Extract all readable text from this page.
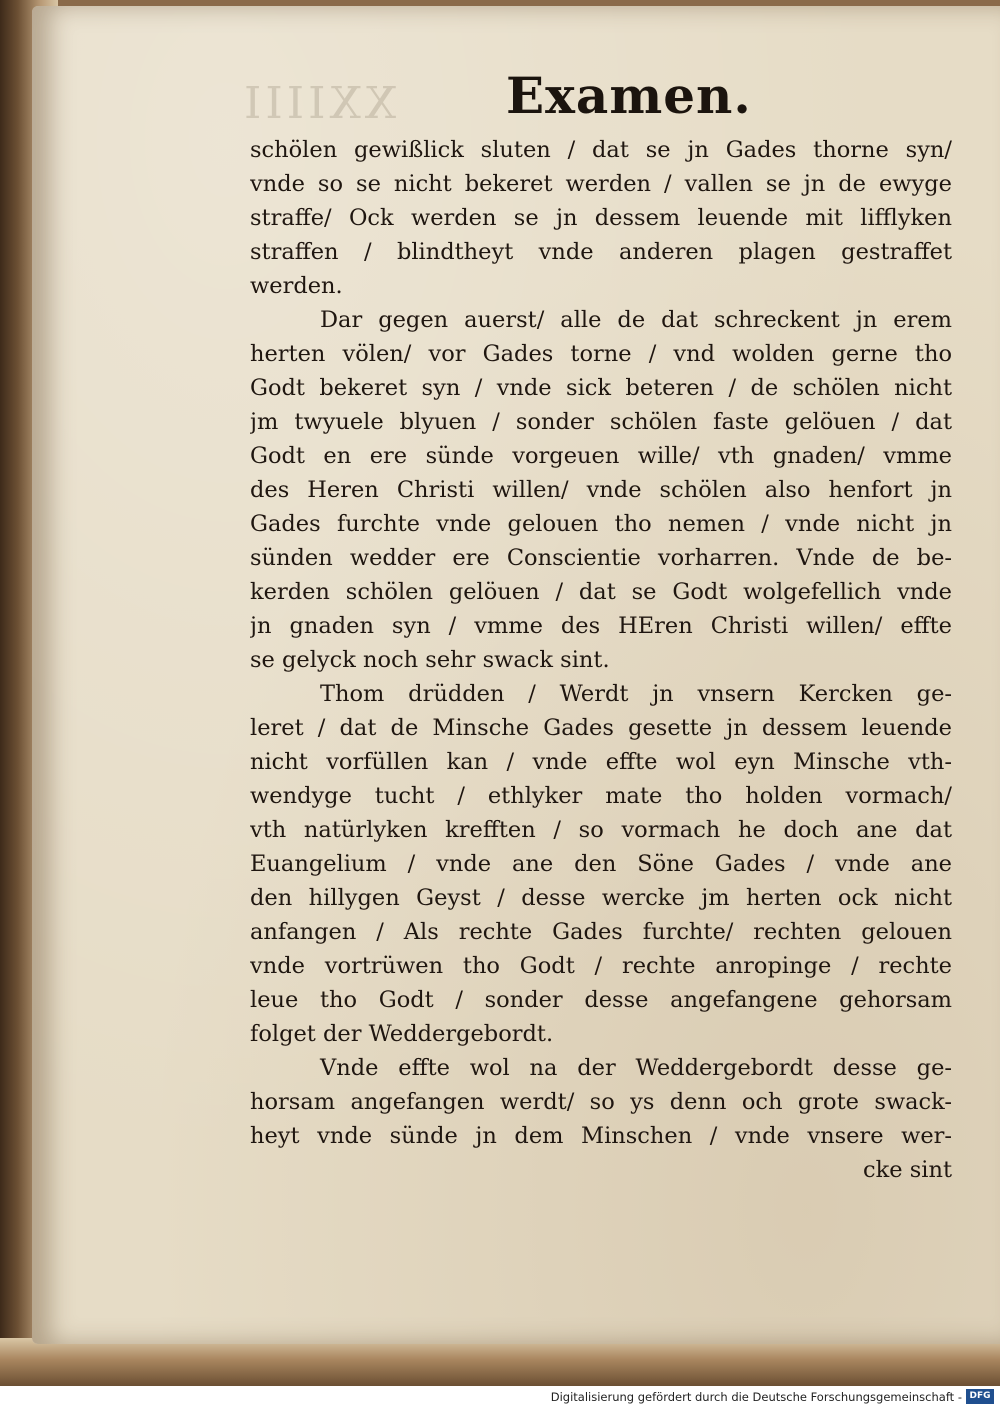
XXIIII Examen.
schölen gewißlick sluten / dat se jn Gades thorne syn/
vnde so se nicht bekeret werden / vallen se jn de ewyge
straffe/ Ock werden se jn dessem leuende mit lifflyken
straffen / blindtheyt vnde anderen plagen gestraffet
werden.
Dar gegen auerst/ alle de dat schreckent jn erem
herten völen/ vor Gades torne / vnd wolden gerne tho
Godt bekeret syn / vnde sick beteren / de schölen nicht
jm twyuele blyuen / sonder schölen faste gelöuen / dat
Godt en ere sünde vorgeuen wille/ vth gnaden/ vmme
des Heren Christi willen/ vnde schölen also henfort jn
Gades furchte vnde gelouen tho nemen / vnde nicht jn
sünden wedder ere Conscientie vorharren. Vnde de be-
kerden schölen gelöuen / dat se Godt wolgefellich vnde
jn gnaden syn / vmme des HEren Christi willen/ effte
se gelyck noch sehr swack sint.
Thom drüdden / Werdt jn vnsern Kercken ge-
leret / dat de Minsche Gades gesette jn dessem leuende
nicht vorfüllen kan / vnde effte wol eyn Minsche vth-
wendyge tucht / ethlyker mate tho holden vormach/
vth natürlyken krefften / so vormach he doch ane dat
Euangelium / vnde ane den Söne Gades / vnde ane
den hillygen Geyst / desse wercke jm herten ock nicht
anfangen / Als rechte Gades furchte/ rechten gelouen
vnde vortrüwen tho Godt / rechte anropinge / rechte
leue tho Godt / sonder desse angefangene gehorsam
folget der Weddergebordt.
Vnde effte wol na der Weddergebordt desse ge-
horsam angefangen werdt/ so ys denn och grote swack-
heyt vnde sünde jn dem Minschen / vnde vnsere wer-
cke sint
Digitalisierung gefördert durch die Deutsche Forschungsgemeinschaft - DFG
